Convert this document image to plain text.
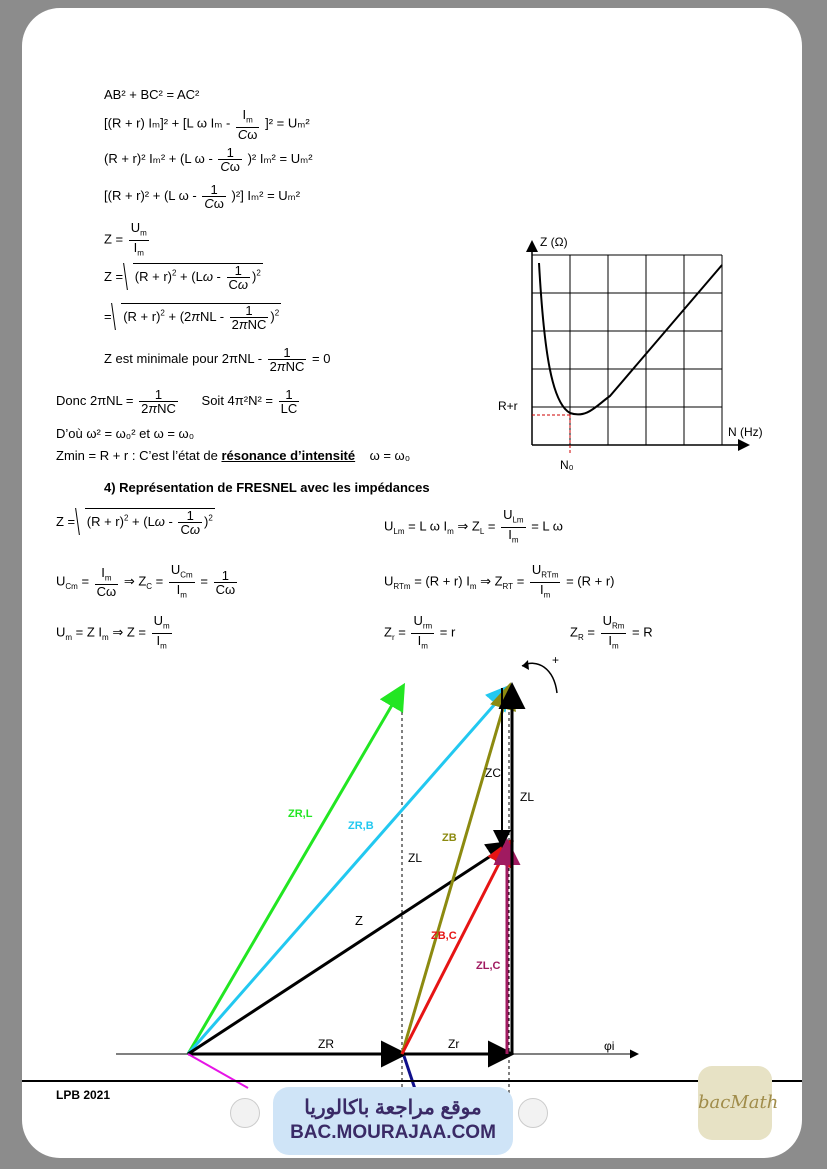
AB² + BC² = AC²
[(R + r) Iₘ]² + [L ω $I_m - \frac{I_m}{C\omega} ]^2 = U_m^2$
(R + r)² Iₘ² + (L ω - $\frac{1}{C\omega} )^2$ Iₘ² = Uₘ²
[(R + r)² + (L ω - $\frac{1}{C\omega} )^2$] Iₘ² = Uₘ²
$Z = \frac{U_m}{I_m}$
$Z = (R + r)^2 + (L\omega - \frac{1}{C\omega} )^2$
= $(R + r)^2 + (2\pi NL - \frac{1}{\text{2πNC}} )^2$
Z est minimale pour $2\pi NL - \frac{1}{\text{2πNC}} = 0$
Donc $2\pi NL = \frac{1}{\text{2πNC}}$ Soit $4\pi^2N^2 = \frac{1}{LC}$
D’où ω² = ω₀² et ω = ω₀
Zmin = R + r : C’est l’état de résonance d’intensité ω = ω₀
4) Représentation de FRESNEL avec les impédances
$Z = (R + r)^2 + (L\omega - \frac{1}{C\omega} )^2$
$U_{Lm} = L$ ω $I_m$ ⇒ $Z_L = \frac{U_{Lm}}{I_m} = L$ ω
$U_{Cm} = \frac{I_m}{C\omega}$ ⇒ $Z_C = \frac{U_{Cm}}{I_m} = \frac{1}{C\omega}$	$U_{RTm} = (R + r)$ $I_m$ ⇒ $Z_{RT} = \frac{U_{RTm}}{I_m} = (R + r)$
$U_m = Z$ $I_m$ ⇒ $Z = \frac{U_m}{I_m}$	$Z_r = \frac{U_{rm}}{I_m} = r$	$Z_R = \frac{U_{Rm}}{I_m} = R$
Z (Ω)
N (Hz)
R+r
N₀
ZR,L
ZR,B
ZL
ZC
ZL
ZB
Z
ZB,C
ZL,C
ZR	Zr	φi
+
LPB 2021
موقع مراجعة باكالوريا
BAC.MOURAJAA.COM
bacMath
